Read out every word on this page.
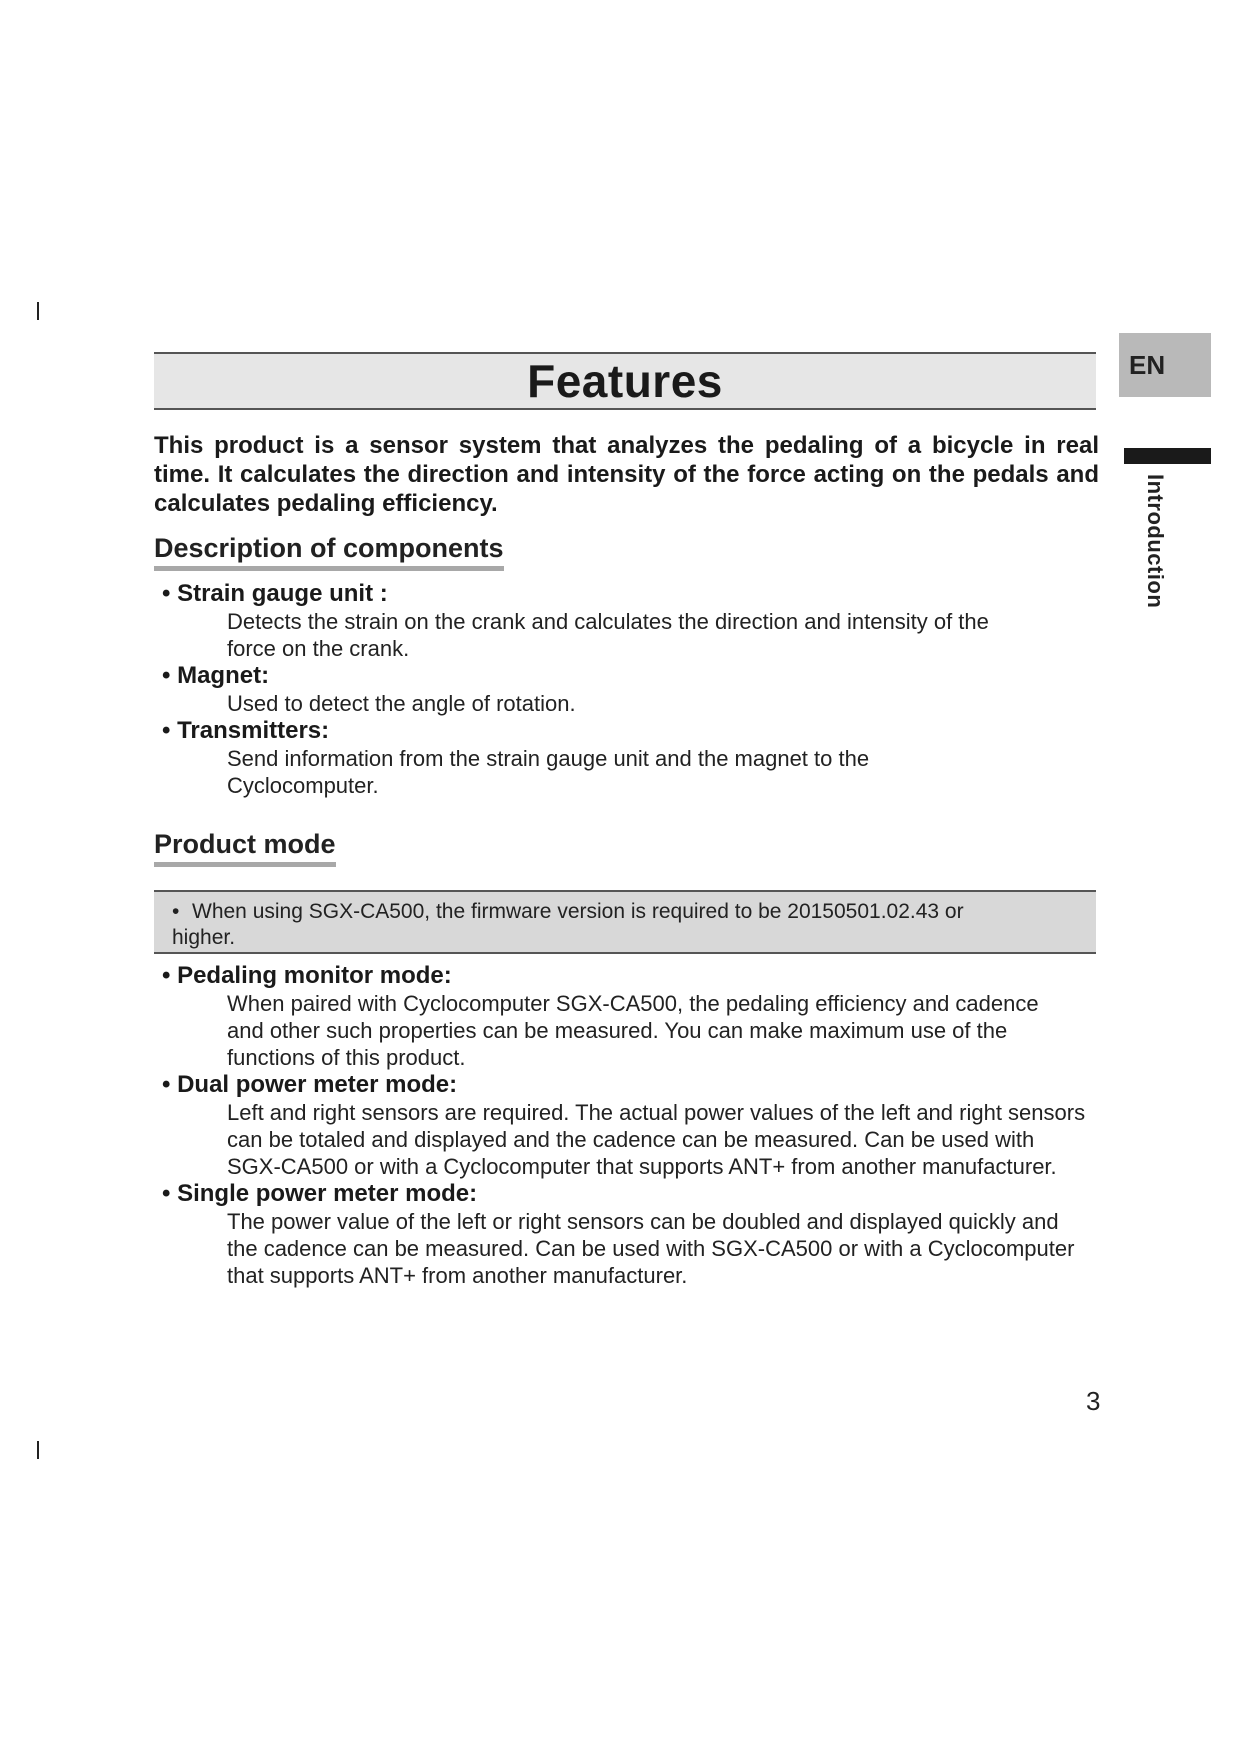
Features	EN
Introduction

This product is a sensor system that analyzes the pedaling of a bicycle in real time. It calculates the direction and intensity of the force acting on the pedals and calculates pedaling efficiency.

Description of components
• Strain gauge unit :

Detects the strain on the crank and calculates the direction and intensity of the force on the crank.

• Magnet:

Used to detect the angle of rotation.

• Transmitters:

Send information from the strain gauge unit and the magnet to the Cyclocomputer.

Product mode
• When using SGX-CA500, the firmware version is required to be 20150501.02.43 or higher.
• Pedaling monitor mode:

When paired with Cyclocomputer SGX-CA500, the pedaling efficiency and cadence and other such properties can be measured. You can make maximum use of the functions of this product.

• Dual power meter mode:

Left and right sensors are required. The actual power values of the left and right sensors can be totaled and displayed and the cadence can be measured. Can be used with SGX-CA500 or with a Cyclocomputer that supports ANT+ from another manufacturer.

• Single power meter mode:

The power value of the left or right sensors can be doubled and displayed quickly and the cadence can be measured. Can be used with SGX-CA500 or with a Cyclocomputer that supports ANT+ from another manufacturer.

3
